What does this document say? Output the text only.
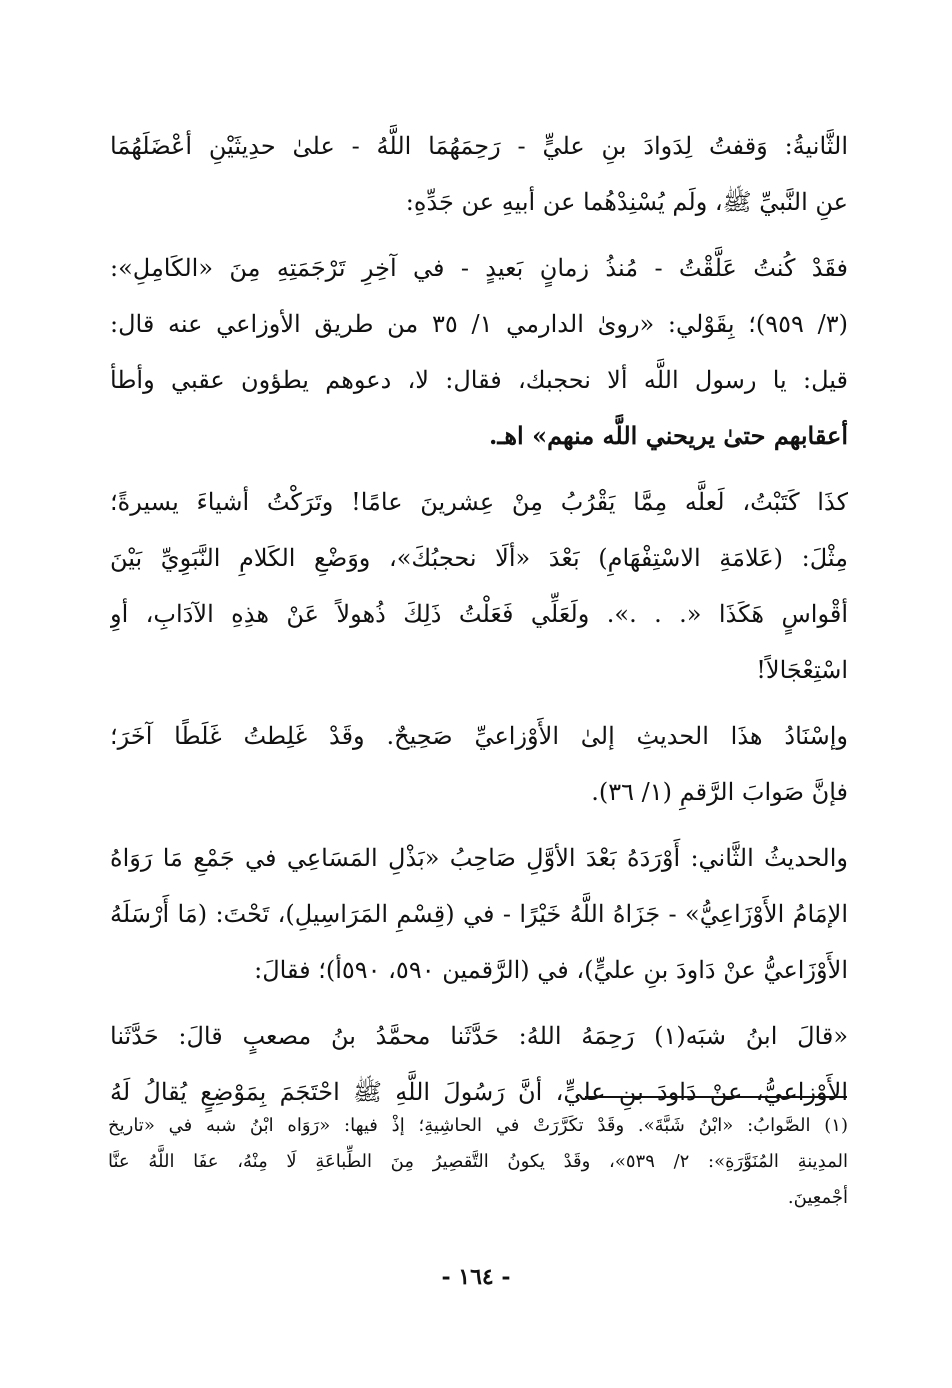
الثَّانيةُ: وَقفتُ لِدَوادَ بنِ عليٍّ - رَحِمَهُمَا اللَّهُ - علىٰ حدِيثَيْنِ أعْضَلَهُمَا
عنِ النَّبيِّ ﷺ، ولَم يُسْنِدْهُما عن أبيهِ عن جَدِّهِ:
فقَدْ كُنتُ عَلَّقْتُ - مُنذُ زمانٍ بَعيدٍ - في آخِرِ تَرْجَمَتِهِ مِنَ «الكَامِلِ»:
(٣/ ٩٥٩)؛ بِقَوْلي: «روىٰ الدارمي ١/ ٣٥ من طريق الأوزاعي عنه قال:
قيل: يا رسول اللَّه ألا نحجبك، فقال: لا، دعوهم يطؤون عقبي وأطأ
أعقابهم حتىٰ يريحني اللَّه منهم» اهـ.
كذَا كَتَبْتُ، لَعلَّه مِمَّا يَقْرُبُ مِنْ عِشرينَ عامًا! وتَرَكْتُ أشياءَ يسيرةً؛
مِثْلَ: (عَلامَةِ الاسْتِفْهَامِ) بَعْدَ «ألَا نحجبُكَ»، ووَضْعِ الكَلامِ النَّبَوِيِّ بَيْنَ
أقْواسٍ هَكَذَا «. . .». ولَعَلِّي فَعَلْتُ ذَلِكَ ذُهولاً عَنْ هذِهِ الآدَابِ، أوِ
اسْتِعْجَالاً!
وإسْنَادُ هذَا الحديثِ إلىٰ الأَوْزاعيِّ صَحِيحٌ. وقَدْ غَلِطتُ غَلَطًا آخَرَ؛
فإنَّ صَوابَ الرَّقمِ (١/ ٣٦).
والحديثُ الثَّاني: أَوْرَدَهُ بَعْدَ الأوَّلِ صَاحِبُ «بَذْلِ المَسَاعِي في جَمْعِ مَا رَوَاهُ
الإمَامُ الأَوْزَاعِيُّ» - جَزَاهُ اللَّهُ خَيْرًا - في (قِسْمِ المَرَاسِيلِ)، تَحْتَ: (مَا أَرْسَلَهُ
الأَوْزَاعيُّ عنْ دَاودَ بنِ عليٍّ)، في (الرَّقمين ٥٩٠، ٥٩٠أ)؛ فقالَ:
«قالَ ابنُ شبَه(١) رَحِمَهُ اللهُ: حَدَّثَنا محمَّدُ بنُ مصعبٍ قالَ: حَدَّثَنا
الأَوْزاعيُّ، عنْ دَاودَ بنِ عليٍّ، أنَّ رَسُولَ اللَّهِ ﷺ احْتَجَمَ بِمَوْضِعٍ يُقالُ لَهُ
(١) الصَّوابُ: «ابْنُ شَبَّةَ». وقَدْ تكَرَّرَتْ في الحاشِيةِ؛ إذْ فيها: «رَوَاه ابْنُ شبه في «تاريخ
المدِينةِ المُنَوَّرَةِ»: ٢/ ٥٣٩»، وقَدْ يكونُ التَّقصِيرُ مِنَ الطِّباعَةِ لَا مِنْهُ، عفَا اللَّهُ عنَّا
أجْمعِينَ.
- ١٦٤ -
